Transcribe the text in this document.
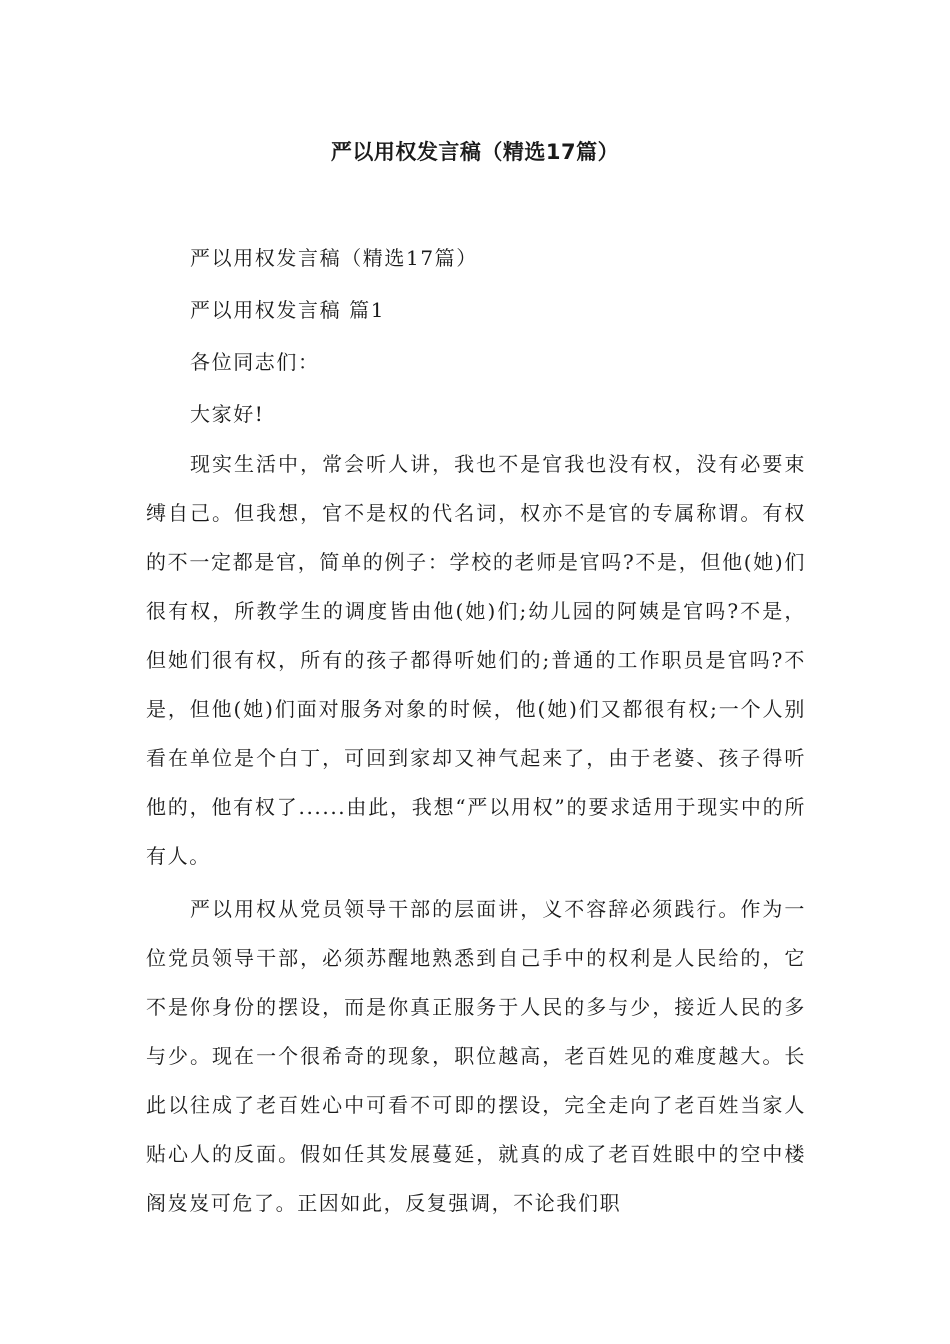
严以用权发言稿（精选17篇）

严以用权发言稿（精选17篇）

严以用权发言稿 篇1

各位同志们：

大家好!

现实生活中，常会听人讲，我也不是官我也没有权，没有必要束缚自己。但我想，官不是权的代名词，权亦不是官的专属称谓。有权的不一定都是官，简单的例子：学校的老师是官吗?不是，但他(她)们很有权，所教学生的调度皆由他(她)们;幼儿园的阿姨是官吗?不是，但她们很有权，所有的孩子都得听她们的;普通的工作职员是官吗?不是，但他(她)们面对服务对象的时候，他(她)们又都很有权;一个人别看在单位是个白丁，可回到家却又神气起来了，由于老婆、孩子得听他的，他有权了......由此，我想“严以用权”的要求适用于现实中的所有人。

严以用权从党员领导干部的层面讲，义不容辞必须践行。作为一位党员领导干部，必须苏醒地熟悉到自己手中的权利是人民给的，它不是你身份的摆设，而是你真正服务于人民的多与少，接近人民的多与少。现在一个很希奇的现象，职位越高，老百姓见的难度越大。长此以往成了老百姓心中可看不可即的摆设，完全走向了老百姓当家人贴心人的反面。假如任其发展蔓延，就真的成了老百姓眼中的空中楼阁岌岌可危了。正因如此，反复强调，不论我们职
